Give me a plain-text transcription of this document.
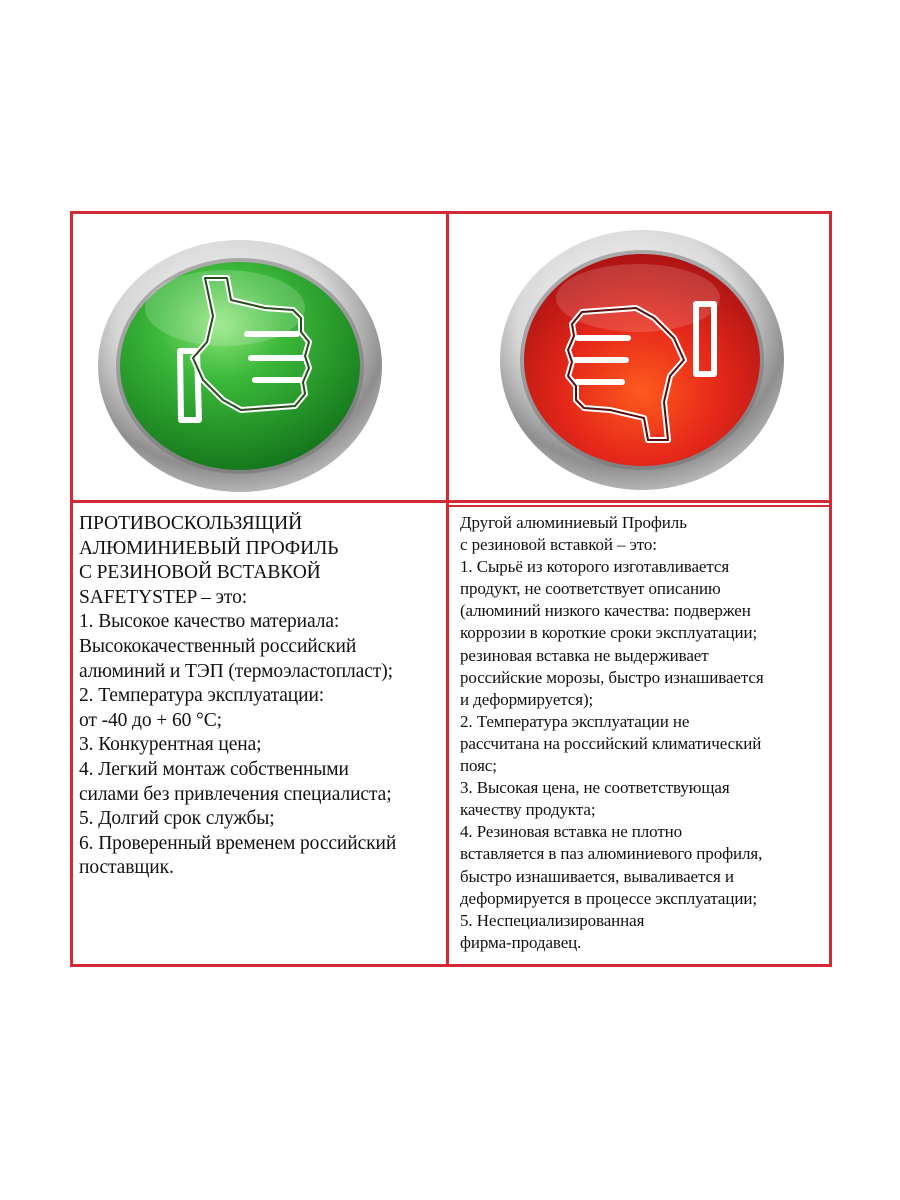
ПРОТИВОСКОЛЬЗЯЩИЙ
АЛЮМИНИЕВЫЙ ПРОФИЛЬ
С РЕЗИНОВОЙ ВСТАВКОЙ
SAFETYSTEP – это:
1. Высокое качество материала:
Высококачественный российский
алюминий и ТЭП (термоэластопласт);
2. Температура эксплуатации:
от -40 до + 60 °С;
3. Конкурентная цена;
4. Легкий монтаж собственными
силами без привлечения специалиста;
5. Долгий срок службы;
6. Проверенный временем российский
поставщик.
Другой алюминиевый Профиль
с резиновой вставкой – это:
1. Сырьё из которого изготавливается
продукт, не соответствует описанию
(алюминий низкого качества: подвержен
коррозии в короткие сроки эксплуатации;
резиновая вставка не выдерживает
российские морозы, быстро изнашивается
и деформируется);
2. Температура эксплуатации не
рассчитана на российский климатический
пояс;
3. Высокая цена, не соответствующая
качеству продукта;
4. Резиновая вставка не плотно
вставляется в паз алюминиевого профиля,
быстро изнашивается, вываливается и
деформируется в процессе эксплуатации;
5. Неспециализированная
фирма-продавец.
